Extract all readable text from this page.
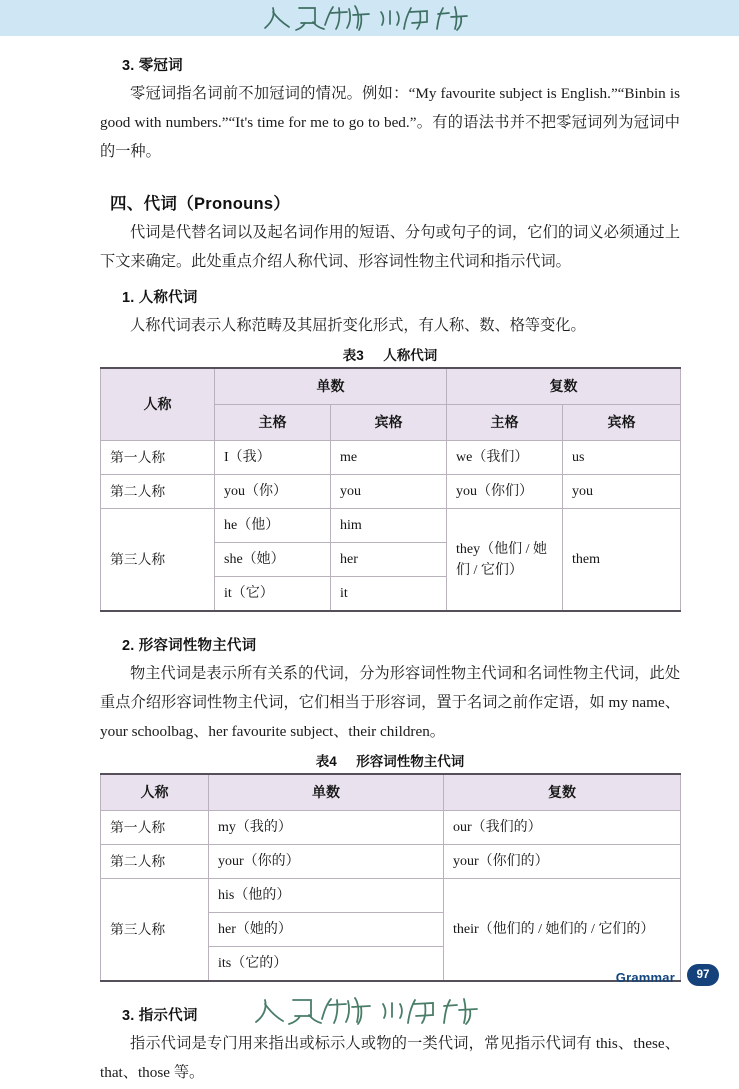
3. 零冠词

零冠词指名词前不加冠词的情况。例如：“My favourite subject is English.”“Binbin is good with numbers.”“It's time for me to go to bed.”。有的语法书并不把零冠词列为冠词中的一种。

四、代词（Pronouns）

代词是代替名词以及起名词作用的短语、分句或句子的词，它们的词义必须通过上下文来确定。此处重点介绍人称代词、形容词性物主代词和指示代词。

1. 人称代词

人称代词表示人称范畴及其屈折变化形式，有人称、数、格等变化。

表3 人称代词
人称	单数		复数	
	主格	宾格	主格	宾格
第一人称	I（我）	me	we（我们）	us
第二人称	you（你）	you	you（你们）	you
第三人称	he（他）	him	they（他们 / 她们 / 它们）	them
	she（她）	her		
	it（它）	it		
2. 形容词性物主代词

物主代词是表示所有关系的代词，分为形容词性物主代词和名词性物主代词，此处重点介绍形容词性物主代词，它们相当于形容词，置于名词之前作定语，如 my name、your schoolbag、her favourite subject、their children。

表4 形容词性物主代词
人称	单数	复数
第一人称	my（我的）	our（我们的）
第二人称	your（你的）	your（你们的）
第三人称	his（他的）	their（他们的 / 她们的 / 它们的）
	her（她的）	
	its（它的）	
3. 指示代词

指示代词是专门用来指出或标示人或物的一类代词，常见指示代词有 this、these、that、those 等。

Grammar	97
